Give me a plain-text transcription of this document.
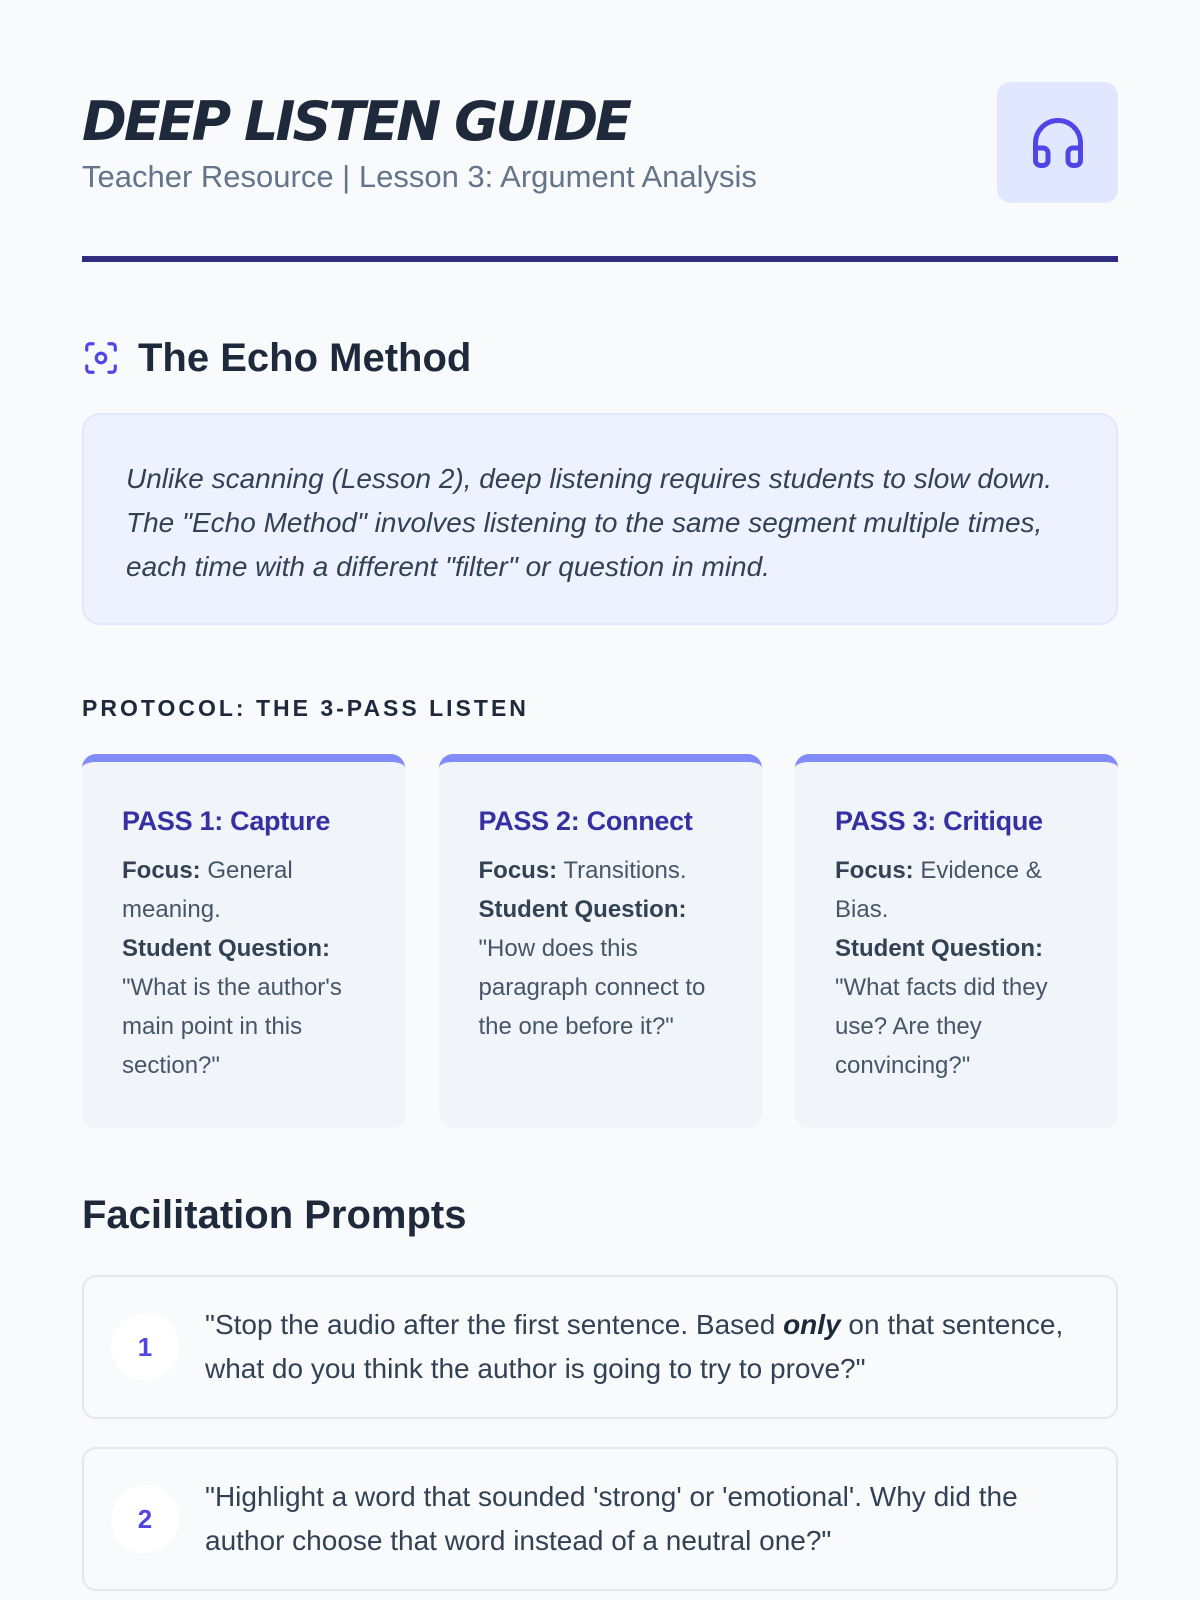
DEEP LISTEN GUIDE
Teacher Resource | Lesson 3: Argument Analysis
The Echo Method

Unlike scanning (Lesson 2), deep listening requires students to slow down. The "Echo Method" involves listening to the same segment multiple times, each time with a different "filter" or question in mind.

PROTOCOL: THE 3-PASS LISTEN
PASS 1: Capture
Focus: General meaning.
Student Question:
"What is the author's main point in this section?"
PASS 2: Connect
Focus: Transitions.
Student Question:
"How does this paragraph connect to the one before it?"
PASS 3: Critique
Focus: Evidence & Bias.
Student Question:
"What facts did they use? Are they convincing?"
Facilitation Prompts
1

"Stop the audio after the first sentence. Based only on that sentence, what do you think the author is going to try to prove?"

2

"Highlight a word that sounded 'strong' or 'emotional'. Why did the author choose that word instead of a neutral one?"
